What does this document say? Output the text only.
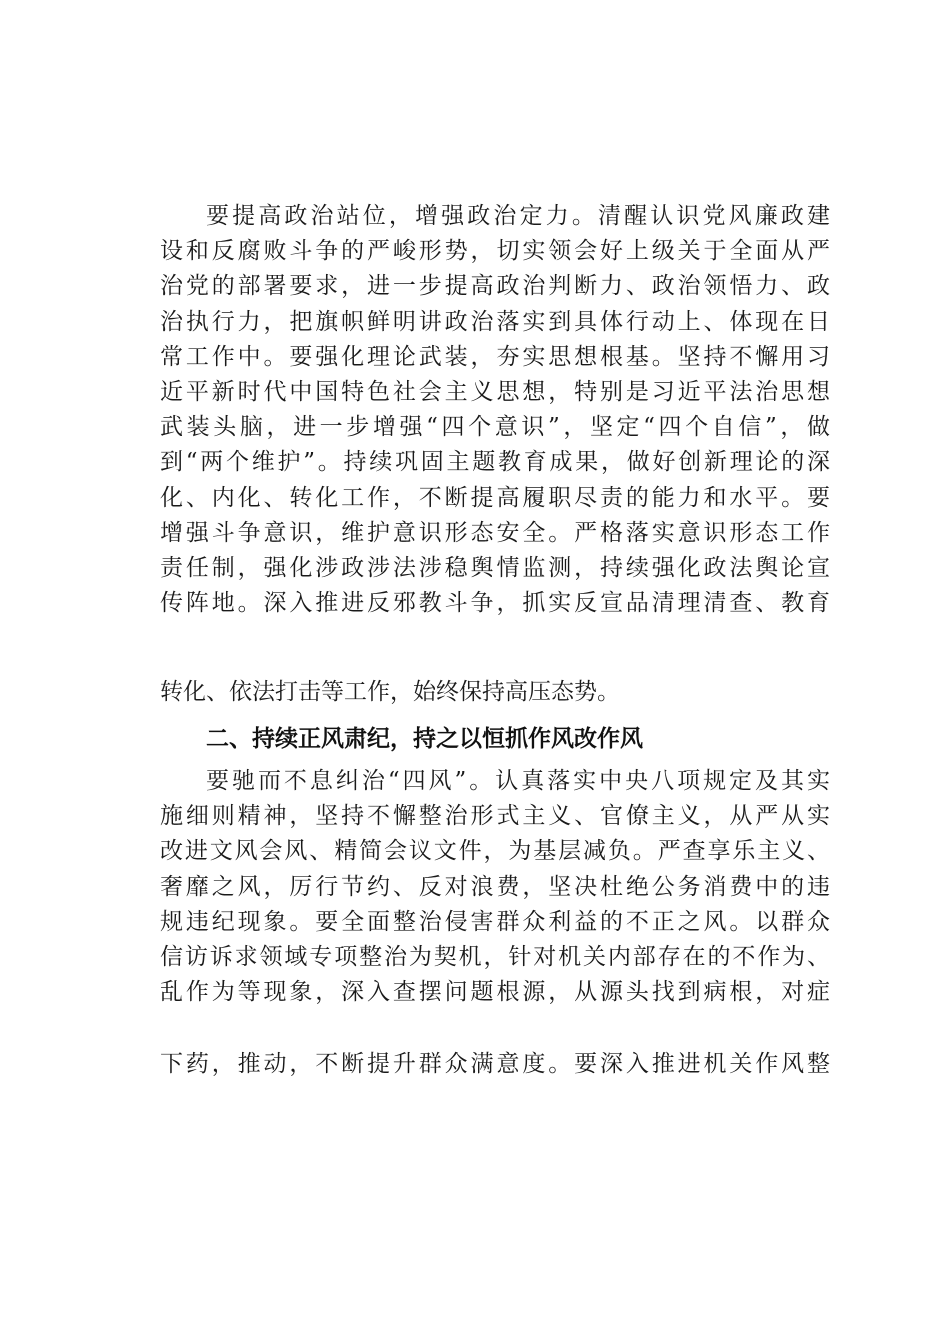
要提高政治站位，增强政治定力。清醒认识党风廉政建
设和反腐败斗争的严峻形势，切实领会好上级关于全面从严
治党的部署要求，进一步提高政治判断力、政治领悟力、政
治执行力，把旗帜鲜明讲政治落实到具体行动上、体现在日
常工作中。要强化理论武装，夯实思想根基。坚持不懈用习
近平新时代中国特色社会主义思想，特别是习近平法治思想
武装头脑，进一步增强“四个意识”，坚定“四个自信”，做
到“两个维护”。持续巩固主题教育成果，做好创新理论的深
化、内化、转化工作，不断提高履职尽责的能力和水平。要
增强斗争意识，维护意识形态安全。严格落实意识形态工作
责任制，强化涉政涉法涉稳舆情监测，持续强化政法舆论宣
传阵地。深入推进反邪教斗争，抓实反宣品清理清查、教育
转化、依法打击等工作，始终保持高压态势。
二、持续正风肃纪，持之以恒抓作风改作风
要驰而不息纠治“四风”。认真落实中央八项规定及其实
施细则精神，坚持不懈整治形式主义、官僚主义，从严从实
改进文风会风、精简会议文件，为基层减负。严查享乐主义、
奢靡之风，厉行节约、反对浪费，坚决杜绝公务消费中的违
规违纪现象。要全面整治侵害群众利益的不正之风。以群众
信访诉求领域专项整治为契机，针对机关内部存在的不作为、
乱作为等现象，深入查摆问题根源，从源头找到病根，对症
下药，推动，不断提升群众满意度。要深入推进机关作风整
